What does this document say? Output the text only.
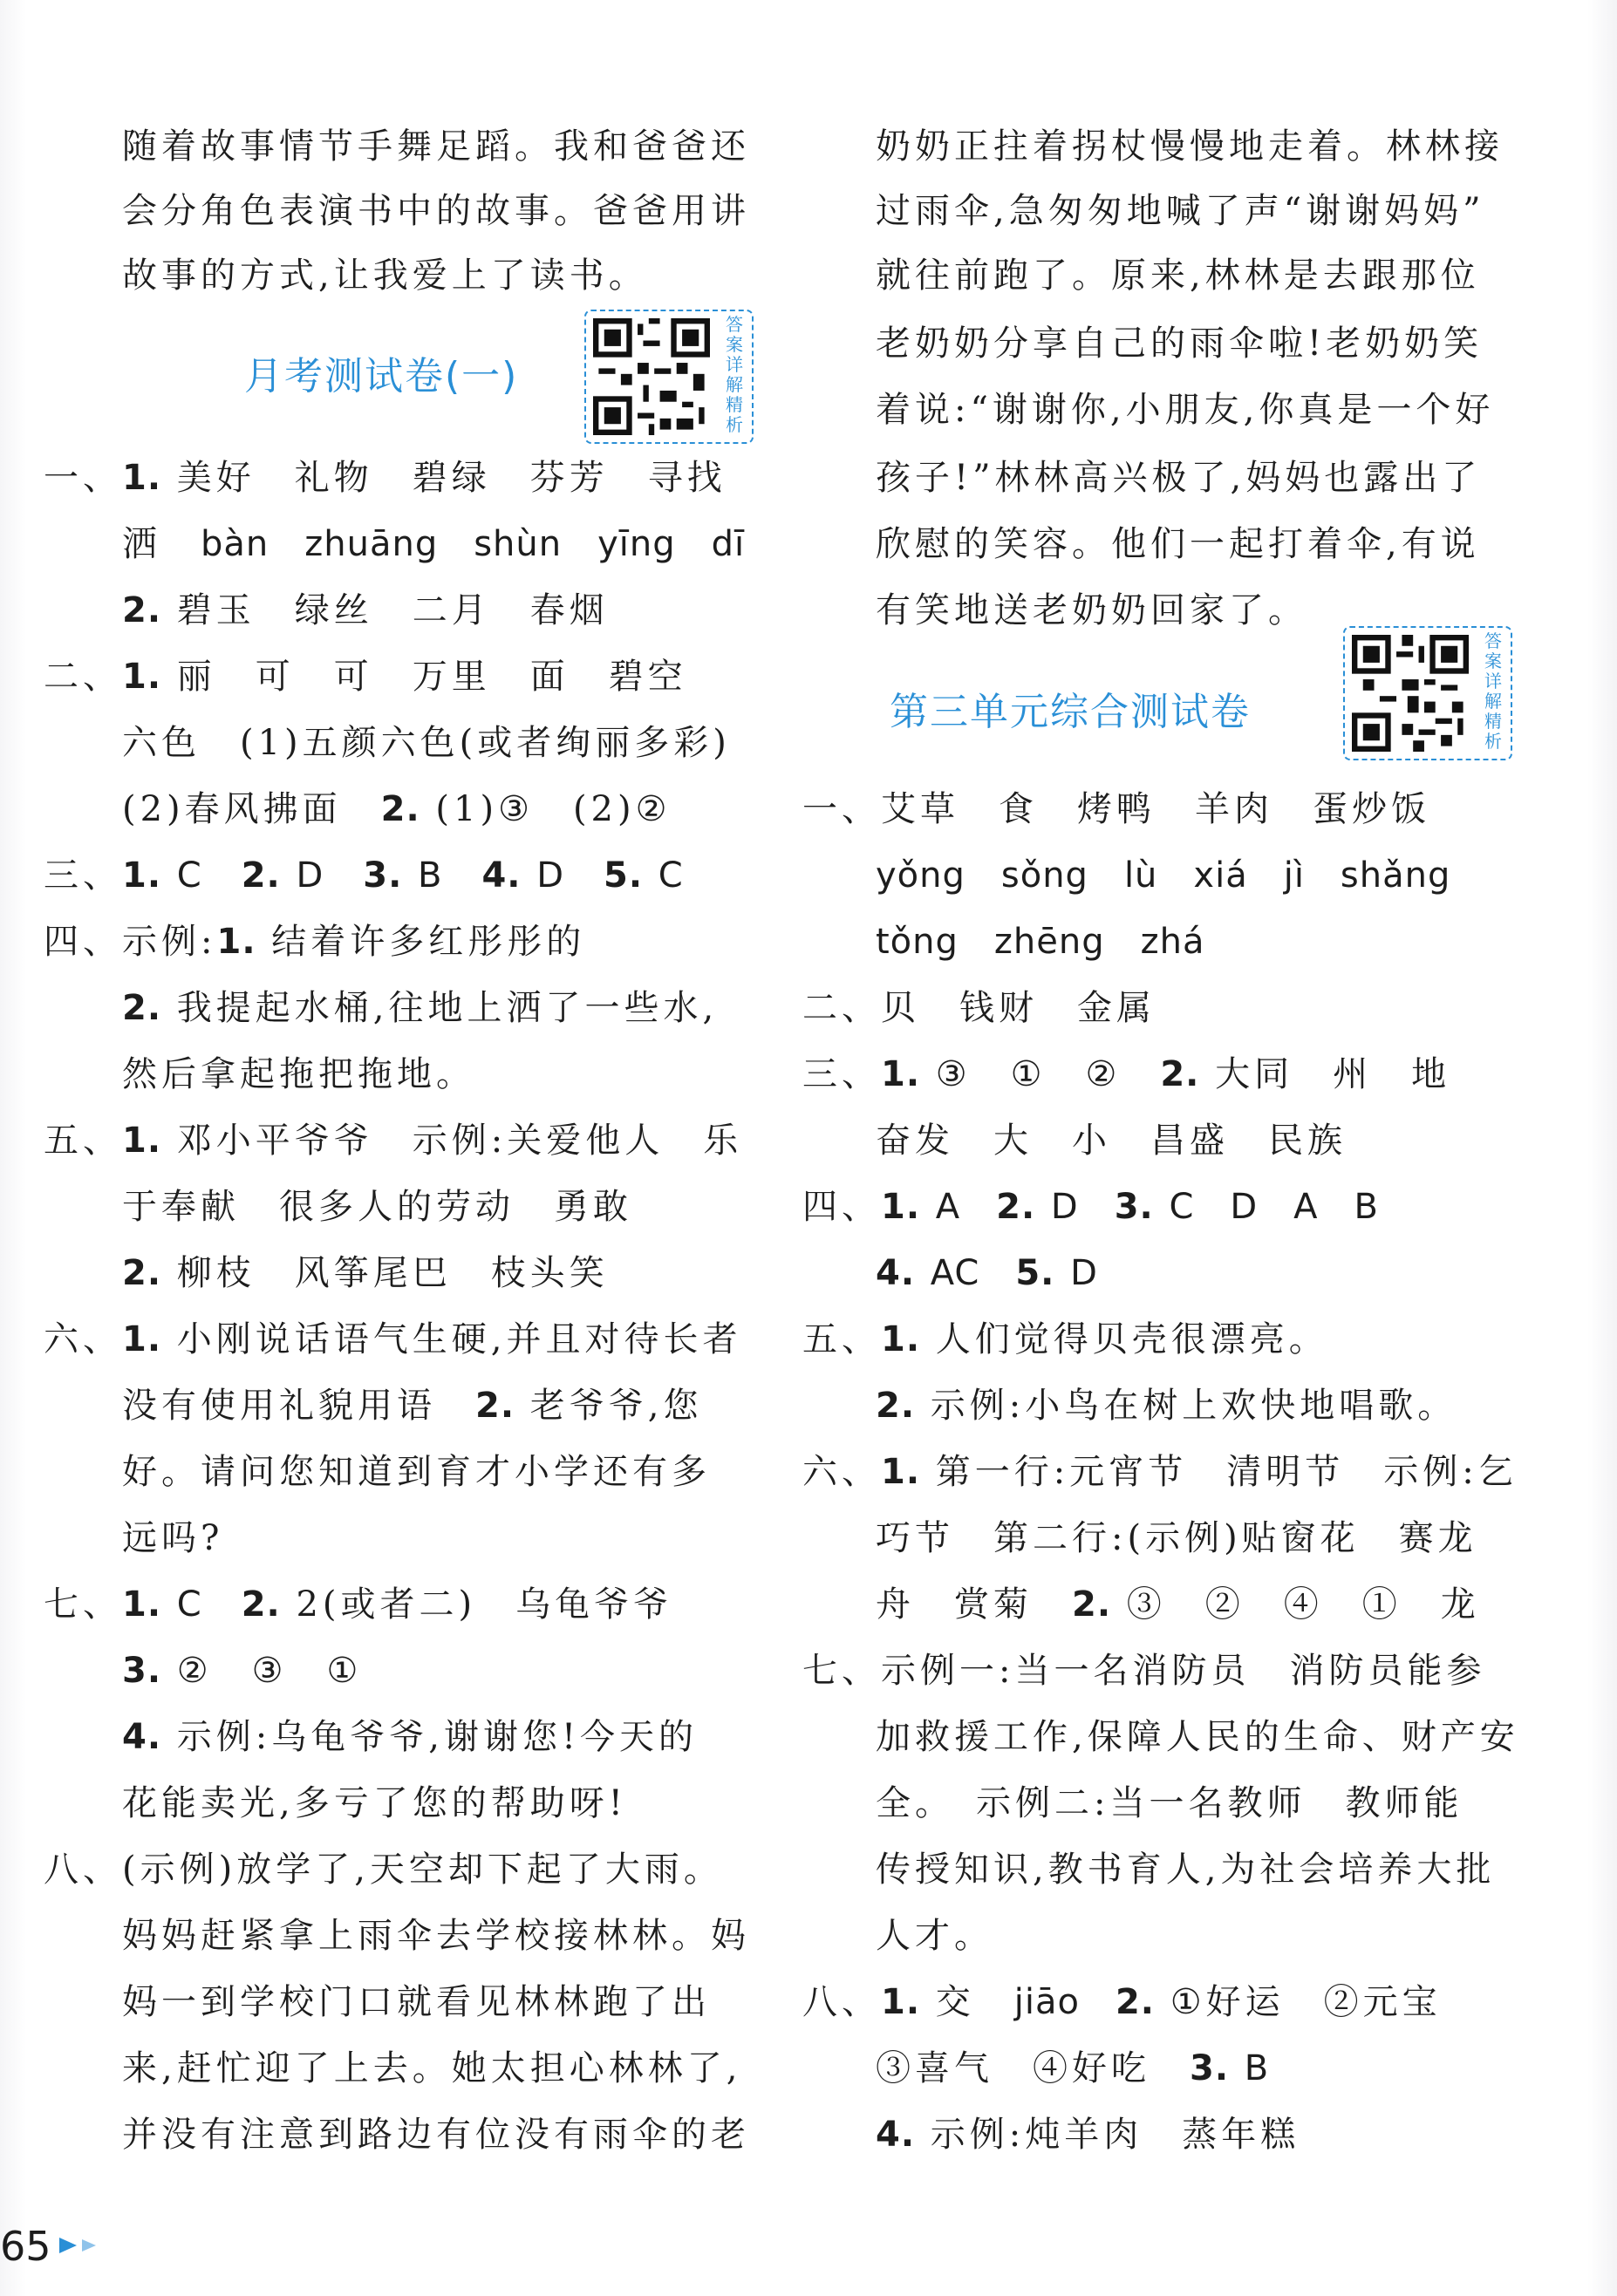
随着故事情节手舞足蹈。我和爸爸还
会分角色表演书中的故事。爸爸用讲
故事的方式,让我爱上了读书。
月考测试卷(一)
答案详解精析
一、1. 美好　礼物　碧绿　芬芳　寻找
洒　 bàn　zhuāng　shùn　yīng　dī
2. 碧玉　绿丝　二月　春烟
二、1. 丽　可　可　万里　面　碧空
六色　(1)五颜六色(或者绚丽多彩)
(2)春风拂面　2. (1)③　(2)②
三、1. C　 2. D　 3. B　 4. D　 5. C
四、示例:1. 结着许多红彤彤的
2. 我提起水桶,往地上洒了一些水,
然后拿起拖把拖地。
五、1. 邓小平爷爷　示例:关爱他人　乐
于奉献　很多人的劳动　勇敢
2. 柳枝　风筝尾巴　枝头笑
六、1. 小刚说话语气生硬,并且对待长者
没有使用礼貌用语　2. 老爷爷,您
好。请问您知道到育才小学还有多
远吗?
七、1. C　 2. 2(或者二)　乌龟爷爷
3. ②　③　①
4. 示例:乌龟爷爷,谢谢您!今天的
花能卖光,多亏了您的帮助呀!
八、(示例)放学了,天空却下起了大雨。
妈妈赶紧拿上雨伞去学校接林林。妈
妈一到学校门口就看见林林跑了出
来,赶忙迎了上去。她太担心林林了,
并没有注意到路边有位没有雨伞的老
奶奶正拄着拐杖慢慢地走着。林林接
过雨伞,急匆匆地喊了声“谢谢妈妈”
就往前跑了。原来,林林是去跟那位
老奶奶分享自己的雨伞啦!老奶奶笑
着说:“谢谢你,小朋友,你真是一个好
孩子!”林林高兴极了,妈妈也露出了
欣慰的笑容。他们一起打着伞,有说
有笑地送老奶奶回家了。
第三单元综合测试卷
答案详解精析
一、艾草　食　烤鸭　羊肉　蛋炒饭
yǒng　sǒng　lù　xiá　jì　shǎng
tǒng　zhēng　zhá
二、贝　钱财　金属
三、1. ③　①　②　2. 大同　州　地
奋发　大　小　昌盛　民族
四、1. A　2. D　3. C　D　A　B
4. AC　5. D
五、1. 人们觉得贝壳很漂亮。
2. 示例:小鸟在树上欢快地唱歌。
六、1. 第一行:元宵节　清明节　示例:乞
巧节　第二行:(示例)贴窗花　赛龙
舟　赏菊　2. ③　②　④　①　龙
七、示例一:当一名消防员　消防员能参
加救援工作,保障人民的生命、财产安
全。　示例二:当一名教师　教师能
传授知识,教书育人,为社会培养大批
人才。
八、1. 交　jiāo　2. ①好运　②元宝
③喜气　④好吃　3. B
4. 示例:炖羊肉　蒸年糕
65
